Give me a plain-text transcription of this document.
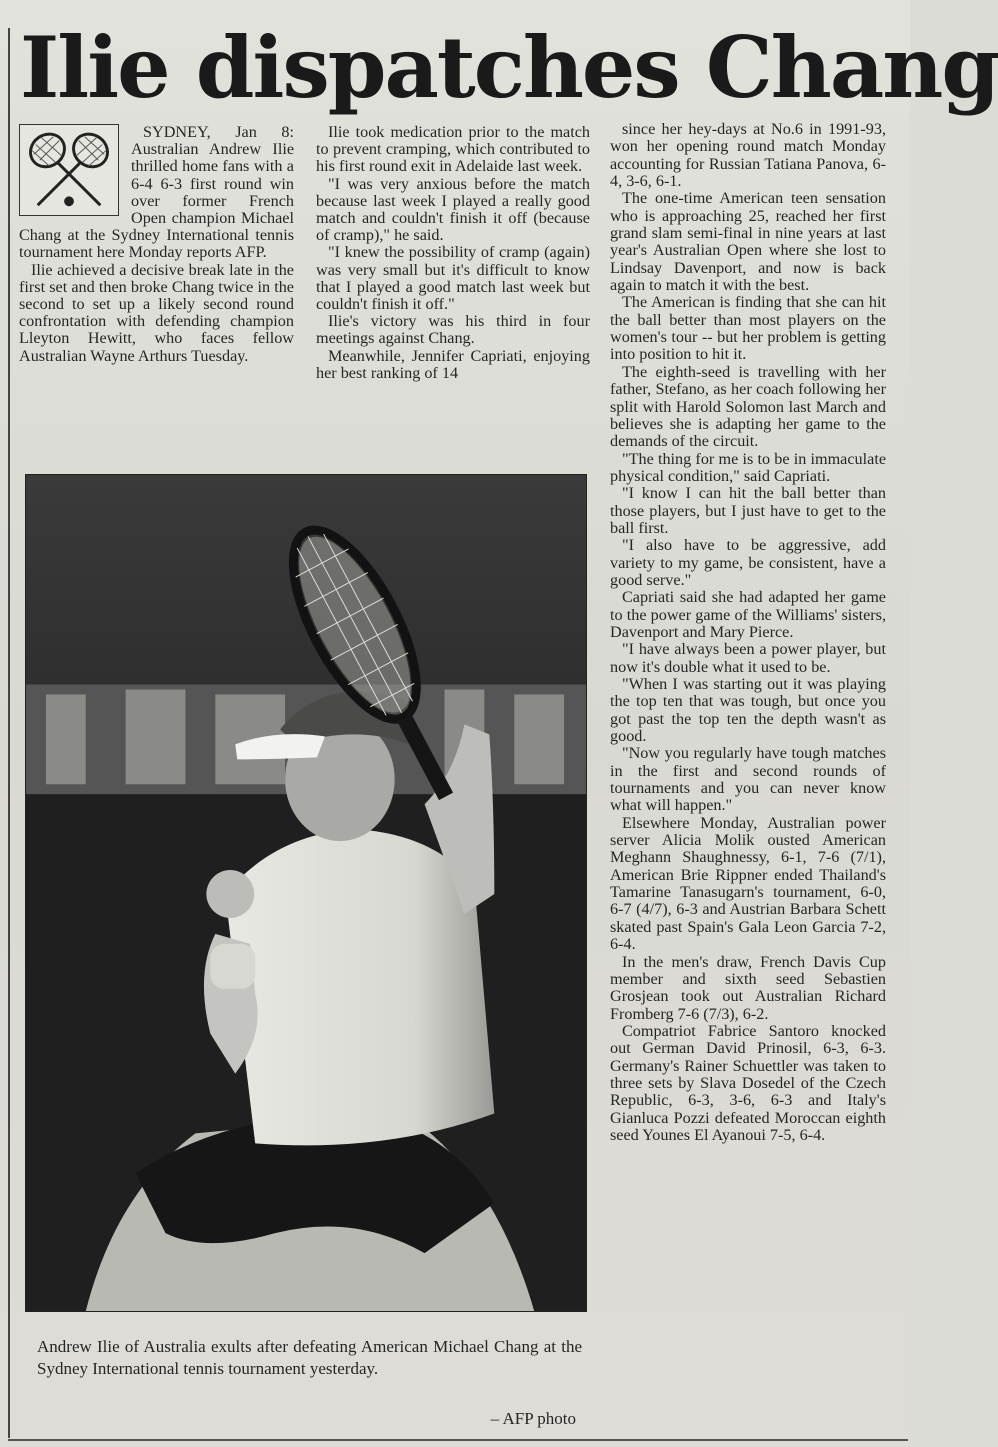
Ilie dispatches Chang

SYDNEY, Jan 8: Australian Andrew Ilie thrilled home fans with a 6-4 6-3 first round win over former French Open champion Michael Chang at the Sydney International tennis tournament here Monday reports AFP.

Ilie achieved a decisive break late in the first set and then broke Chang twice in the second to set up a likely second round confrontation with defending champion Lleyton Hewitt, who faces fellow Australian Wayne Arthurs Tuesday.

Ilie took medication prior to the match to prevent cramping, which contributed to his first round exit in Adelaide last week.

"I was very anxious before the match because last week I played a really good match and couldn't finish it off (because of cramp)," he said.

"I knew the possibility of cramp (again) was very small but it's difficult to know that I played a good match last week but couldn't finish it off."

Ilie's victory was his third in four meetings against Chang.

Meanwhile, Jennifer Capriati, enjoying her best ranking of 14

since her hey-days at No.6 in 1991-93, won her opening round match Monday accounting for Russian Tatiana Panova, 6-4, 3-6, 6-1.

The one-time American teen sensation who is approaching 25, reached her first grand slam semi-final in nine years at last year's Australian Open where she lost to Lindsay Davenport, and now is back again to match it with the best.

The American is finding that she can hit the ball better than most players on the women's tour -- but her problem is getting into position to hit it.

The eighth-seed is travelling with her father, Stefano, as her coach following her split with Harold Solomon last March and believes she is adapting her game to the demands of the circuit.

"The thing for me is to be in immaculate physical condition," said Capriati.

"I know I can hit the ball better than those players, but I just have to get to the ball first.

"I also have to be aggressive, add variety to my game, be consistent, have a good serve."

Capriati said she had adapted her game to the power game of the Williams' sisters, Davenport and Mary Pierce.

"I have always been a power player, but now it's double what it used to be.

"When I was starting out it was playing the top ten that was tough, but once you got past the top ten the depth wasn't as good.

"Now you regularly have tough matches in the first and second rounds of tournaments and you can never know what will happen."

Elsewhere Monday, Australian power server Alicia Molik ousted American Meghann Shaughnessy, 6-1, 7-6 (7/1), American Brie Rippner ended Thailand's Tamarine Tanasugarn's tournament, 6-0, 6-7 (4/7), 6-3 and Austrian Barbara Schett skated past Spain's Gala Leon Garcia 7-2, 6-4.

In the men's draw, French Davis Cup member and sixth seed Sebastien Grosjean took out Australian Richard Fromberg 7-6 (7/3), 6-2.

Compatriot Fabrice Santoro knocked out German David Prinosil, 6-3, 6-3. Germany's Rainer Schuettler was taken to three sets by Slava Dosedel of the Czech Republic, 6-3, 3-6, 6-3 and Italy's Gianluca Pozzi defeated Moroccan eighth seed Younes El Ayanoui 7-5, 6-4.

Andrew Ilie of Australia exults after defeating American Michael Chang at the Sydney International tennis tournament yesterday.
– AFP photo
